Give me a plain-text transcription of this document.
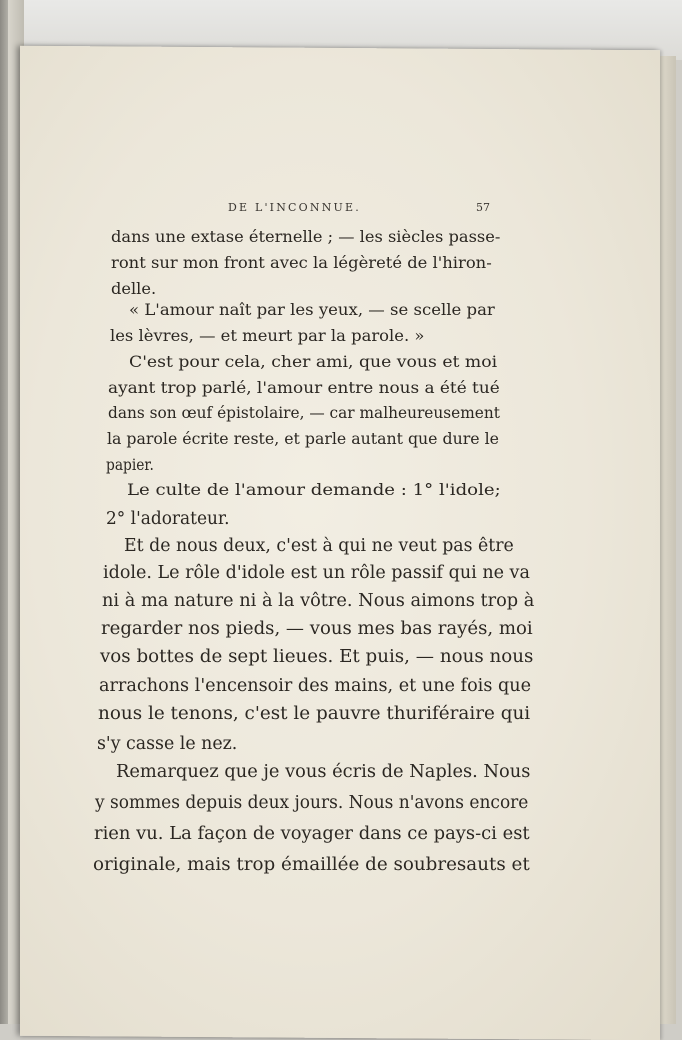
DE L'INCONNUE.	57
dans une extase éternelle ; — les siècles passe-
ront sur mon front avec la légèreté de l'hiron-
delle.
« L'amour naît par les yeux, — se scelle par
les lèvres, — et meurt par la parole. »
C'est pour cela, cher ami, que vous et moi
ayant trop parlé, l'amour entre nous a été tué
dans son œuf épistolaire, — car malheureusement
la parole écrite reste, et parle autant que dure le
papier.
Le culte de l'amour demande : 1° l'idole;
2° l'adorateur.
Et de nous deux, c'est à qui ne veut pas être
idole. Le rôle d'idole est un rôle passif qui ne va
ni à ma nature ni à la vôtre. Nous aimons trop à
regarder nos pieds, — vous mes bas rayés, moi
vos bottes de sept lieues. Et puis, — nous nous
arrachons l'encensoir des mains, et une fois que
nous le tenons, c'est le pauvre thuriféraire qui
s'y casse le nez.
Remarquez que je vous écris de Naples. Nous
y sommes depuis deux jours. Nous n'avons encore
rien vu. La façon de voyager dans ce pays-ci est
originale, mais trop émaillée de soubresauts et
